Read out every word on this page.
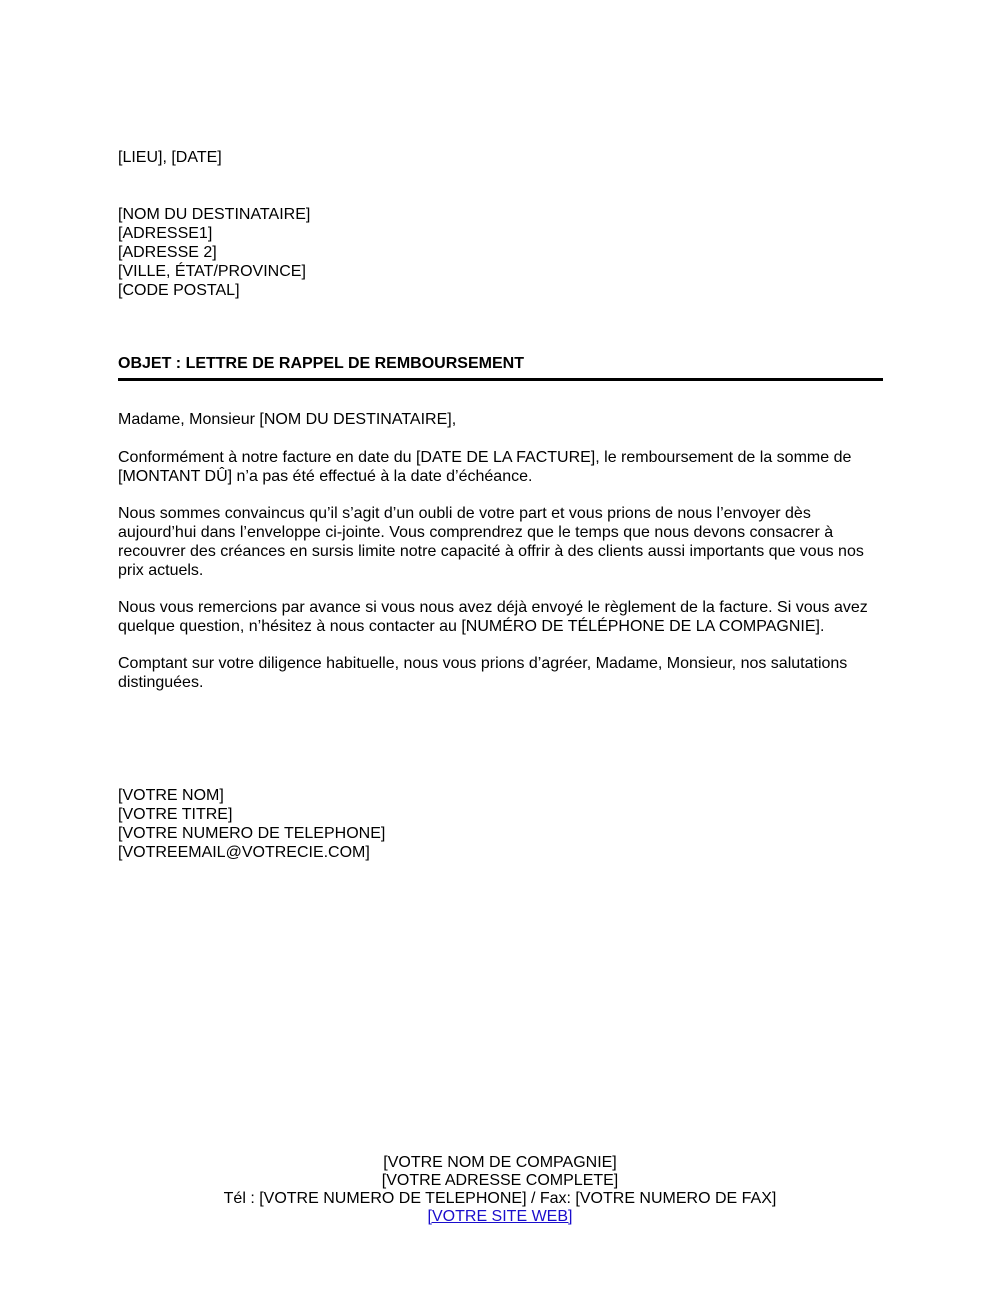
[LIEU], [DATE]
[NOM DU DESTINATAIRE]
[ADRESSE1]
[ADRESSE 2]
[VILLE, ÉTAT/PROVINCE]
[CODE POSTAL]
OBJET : LETTRE DE RAPPEL DE REMBOURSEMENT
Madame, Monsieur [NOM DU DESTINATAIRE],
Conformément à notre facture en date du [DATE DE LA FACTURE], le remboursement de la somme de [MONTANT DÛ] n’a pas été effectué à la date d’échéance.
Nous sommes convaincus qu’il s’agit d’un oubli de votre part et vous prions de nous l’envoyer dès aujourd’hui dans l’enveloppe ci-jointe. Vous comprendrez que le temps que nous devons consacrer à recouvrer des créances en sursis limite notre capacité à offrir à des clients aussi importants que vous nos prix actuels.
Nous vous remercions par avance si vous nous avez déjà envoyé le règlement de la facture. Si vous avez quelque question, n’hésitez à nous contacter au [NUMÉRO DE TÉLÉPHONE DE LA COMPAGNIE].
Comptant sur votre diligence habituelle, nous vous prions d’agréer, Madame, Monsieur, nos salutations distinguées.
[VOTRE NOM]
[VOTRE TITRE]
[VOTRE NUMERO DE TELEPHONE]
[VOTREEMAIL@VOTRECIE.COM]
[VOTRE NOM DE COMPAGNIE]
[VOTRE ADRESSE COMPLETE]
Tél : [VOTRE NUMERO DE TELEPHONE] / Fax: [VOTRE NUMERO DE FAX]
[VOTRE SITE WEB]
